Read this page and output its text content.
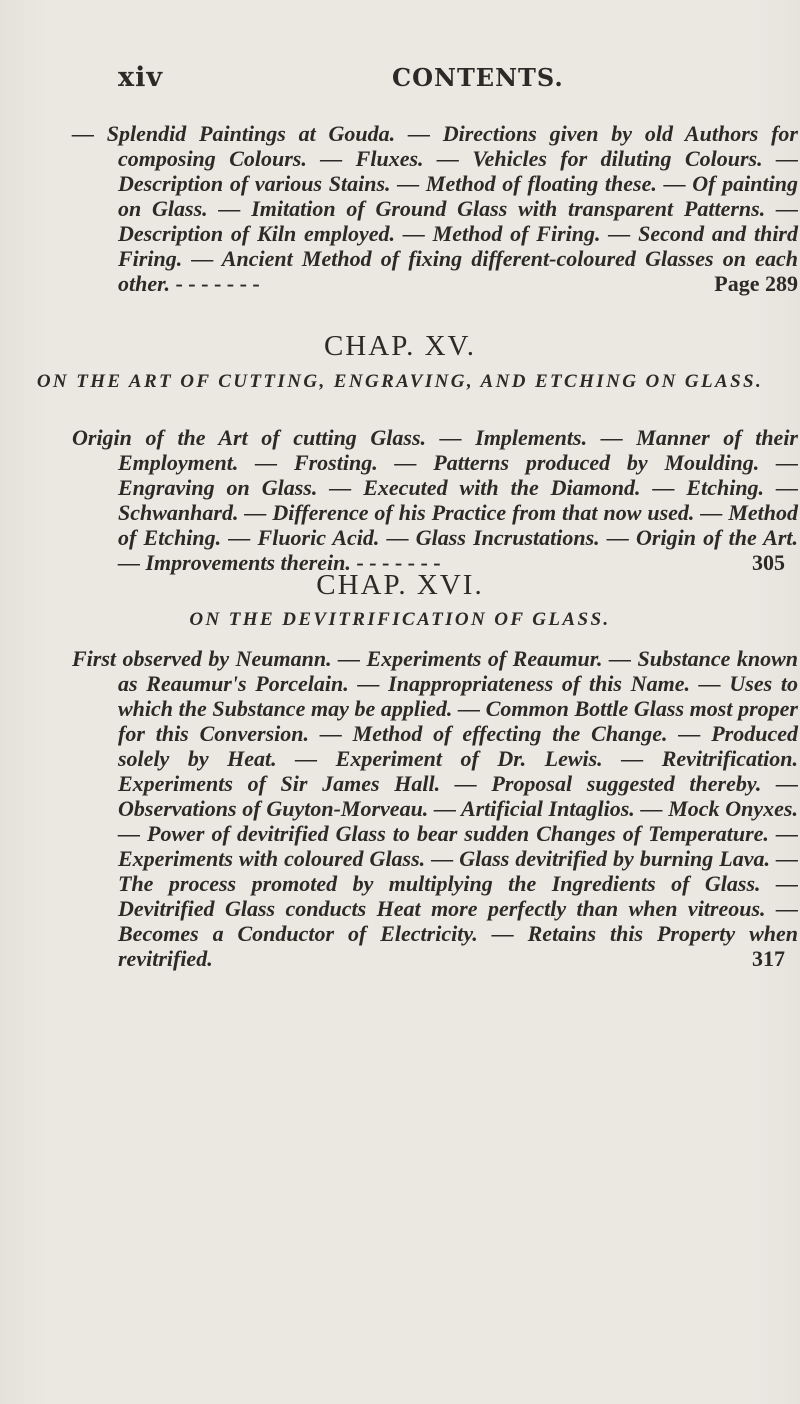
xiv	CONTENTS.

— Splendid Paintings at Gouda. — Directions given by old Authors for composing Colours. — Fluxes. — Vehicles for diluting Colours. — Description of various Stains. — Method of floating these. — Of painting on Glass. — Imitation of Ground Glass with transparent Patterns. — Description of Kiln employed. — Method of Firing. — Second and third Firing. — Ancient Method of fixing different-coloured Glasses on each other. - - - - - - -	Page 289

CHAP. XV.
ON THE ART OF CUTTING, ENGRAVING, AND ETCHING ON GLASS.

Origin of the Art of cutting Glass. — Implements. — Manner of their Employment. — Frosting. — Patterns produced by Moulding. — Engraving on Glass. — Executed with the Diamond. — Etching. — Schwanhard. — Difference of his Practice from that now used. — Method of Etching. — Fluoric Acid. — Glass Incrustations. — Origin of the Art. — Improvements therein. - - - - - - -	305

CHAP. XVI.
ON THE DEVITRIFICATION OF GLASS.

First observed by Neumann. — Experiments of Reaumur. — Substance known as Reaumur's Porcelain. — Inappropriateness of this Name. — Uses to which the Substance may be applied. — Common Bottle Glass most proper for this Conversion. — Method of effecting the Change. — Produced solely by Heat. — Experiment of Dr. Lewis. — Revitrification. Experiments of Sir James Hall. — Proposal suggested thereby. — Observations of Guyton-Morveau. — Artificial Intaglios. — Mock Onyxes. — Power of devitrified Glass to bear sudden Changes of Temperature. — Experiments with coloured Glass. — Glass devitrified by burning Lava. — The process promoted by multiplying the Ingredients of Glass. — Devitrified Glass conducts Heat more perfectly than when vitreous. — Becomes a Conductor of Electricity. — Retains this Property when revitrified.	317
